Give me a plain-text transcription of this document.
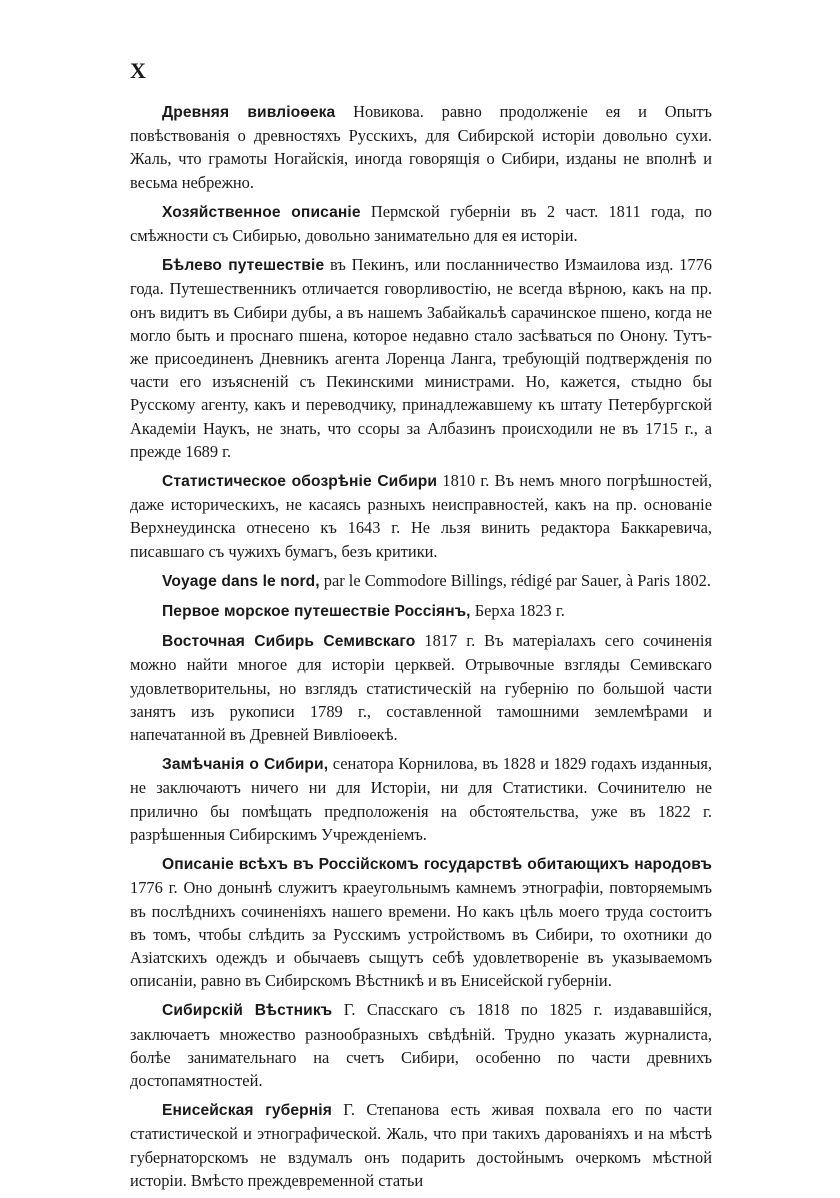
X

Древняя вивліоѳека Новикова. равно продолженіе ея и Опытъ повѣствованія о древностяхъ Русскихъ, для Сибирской исторіи довольно сухи. Жаль, что грамоты Ногайскія, иногда говорящія о Сибири, изданы не вполнѣ и весьма небрежно.

Хозяйственное описаніе Пермской губерніи въ 2 част. 1811 года, по смѣжности съ Сибирью, довольно занимательно для ея исторіи.

Бѣлево путешествіе въ Пекинъ, или посланничество Измаилова изд. 1776 года. Путешественникъ отличается говорливостію, не всегда вѣрною, какъ на пр. онъ видитъ въ Сибири дубы, а въ нашемъ Забайкальѣ сарачинское пшено, когда не могло быть и проснаго пшена, которое недавно стало засѣваться по Онону. Тутъ-же присоединенъ Дневникъ агента Лоренца Ланга, требующій подтвержденія по части его изъясненій съ Пекинскими министрами. Но, кажется, стыдно бы Русскому агенту, какъ и переводчику, принадлежавшему къ штату Петербургской Академіи Наукъ, не знать, что ссоры за Албазинъ происходили не въ 1715 г., а прежде 1689 г.

Статистическое обозрѣніе Сибири 1810 г. Въ немъ много погрѣшностей, даже историческихъ, не касаясь разныхъ неисправностей, какъ на пр. основаніе Верхнеудинска отнесено къ 1643 г. Не льзя винить редактора Баккаревича, писавшаго съ чужихъ бумагъ, безъ критики.

Voyage dans le nord, par le Commodore Billings, rédigé par Sauer, à Paris 1802.

Первое морское путешествіе Россіянъ, Берха 1823 г.

Восточная Сибирь Семивскаго 1817 г. Въ матеріалахъ сего сочиненія можно найти многое для исторіи церквей. Отрывочные взгляды Семивскаго удовлетворительны, но взглядъ статистическій на губернію по большой части занятъ изъ рукописи 1789 г., составленной тамошними землемѣрами и напечатанной въ Древней Вивліоѳекѣ.

Замѣчанія о Сибири, сенатора Корнилова, въ 1828 и 1829 годахъ изданныя, не заключаютъ ничего ни для Исторіи, ни для Статистики. Сочинителю не прилично бы помѣщать предположенія на обстоятельства, уже въ 1822 г. разрѣшенныя Сибирскимъ Учрежденіемъ.

Описаніе всѣхъ въ Россійскомъ государствѣ обитающихъ народовъ 1776 г. Оно донынѣ служитъ краеугольнымъ камнемъ этнографіи, повторяемымъ въ послѣднихъ сочиненіяхъ нашего времени. Но какъ цѣль моего труда состоитъ въ томъ, чтобы слѣдить за Русскимъ устройствомъ въ Сибири, то охотники до Азіатскихъ одеждъ и обычаевъ сыщутъ себѣ удовлетвореніе въ указываемомъ описаніи, равно въ Сибирскомъ Вѣстникѣ и въ Енисейской губерніи.

Сибирскій Вѣстникъ Г. Спасскаго съ 1818 по 1825 г. издававшійся, заключаетъ множество разнообразныхъ свѣдѣній. Трудно указать журналиста, болѣе занимательнаго на счетъ Сибири, особенно по части древнихъ достопамятностей.

Енисейская губернія Г. Степанова есть живая похвала его по части статистической и этнографической. Жаль, что при такихъ дарованіяхъ и на мѣстѣ губернаторскомъ не вздумалъ онъ подарить достойнымъ очеркомъ мѣстной исторіи. Вмѣсто преждевременной статьи
